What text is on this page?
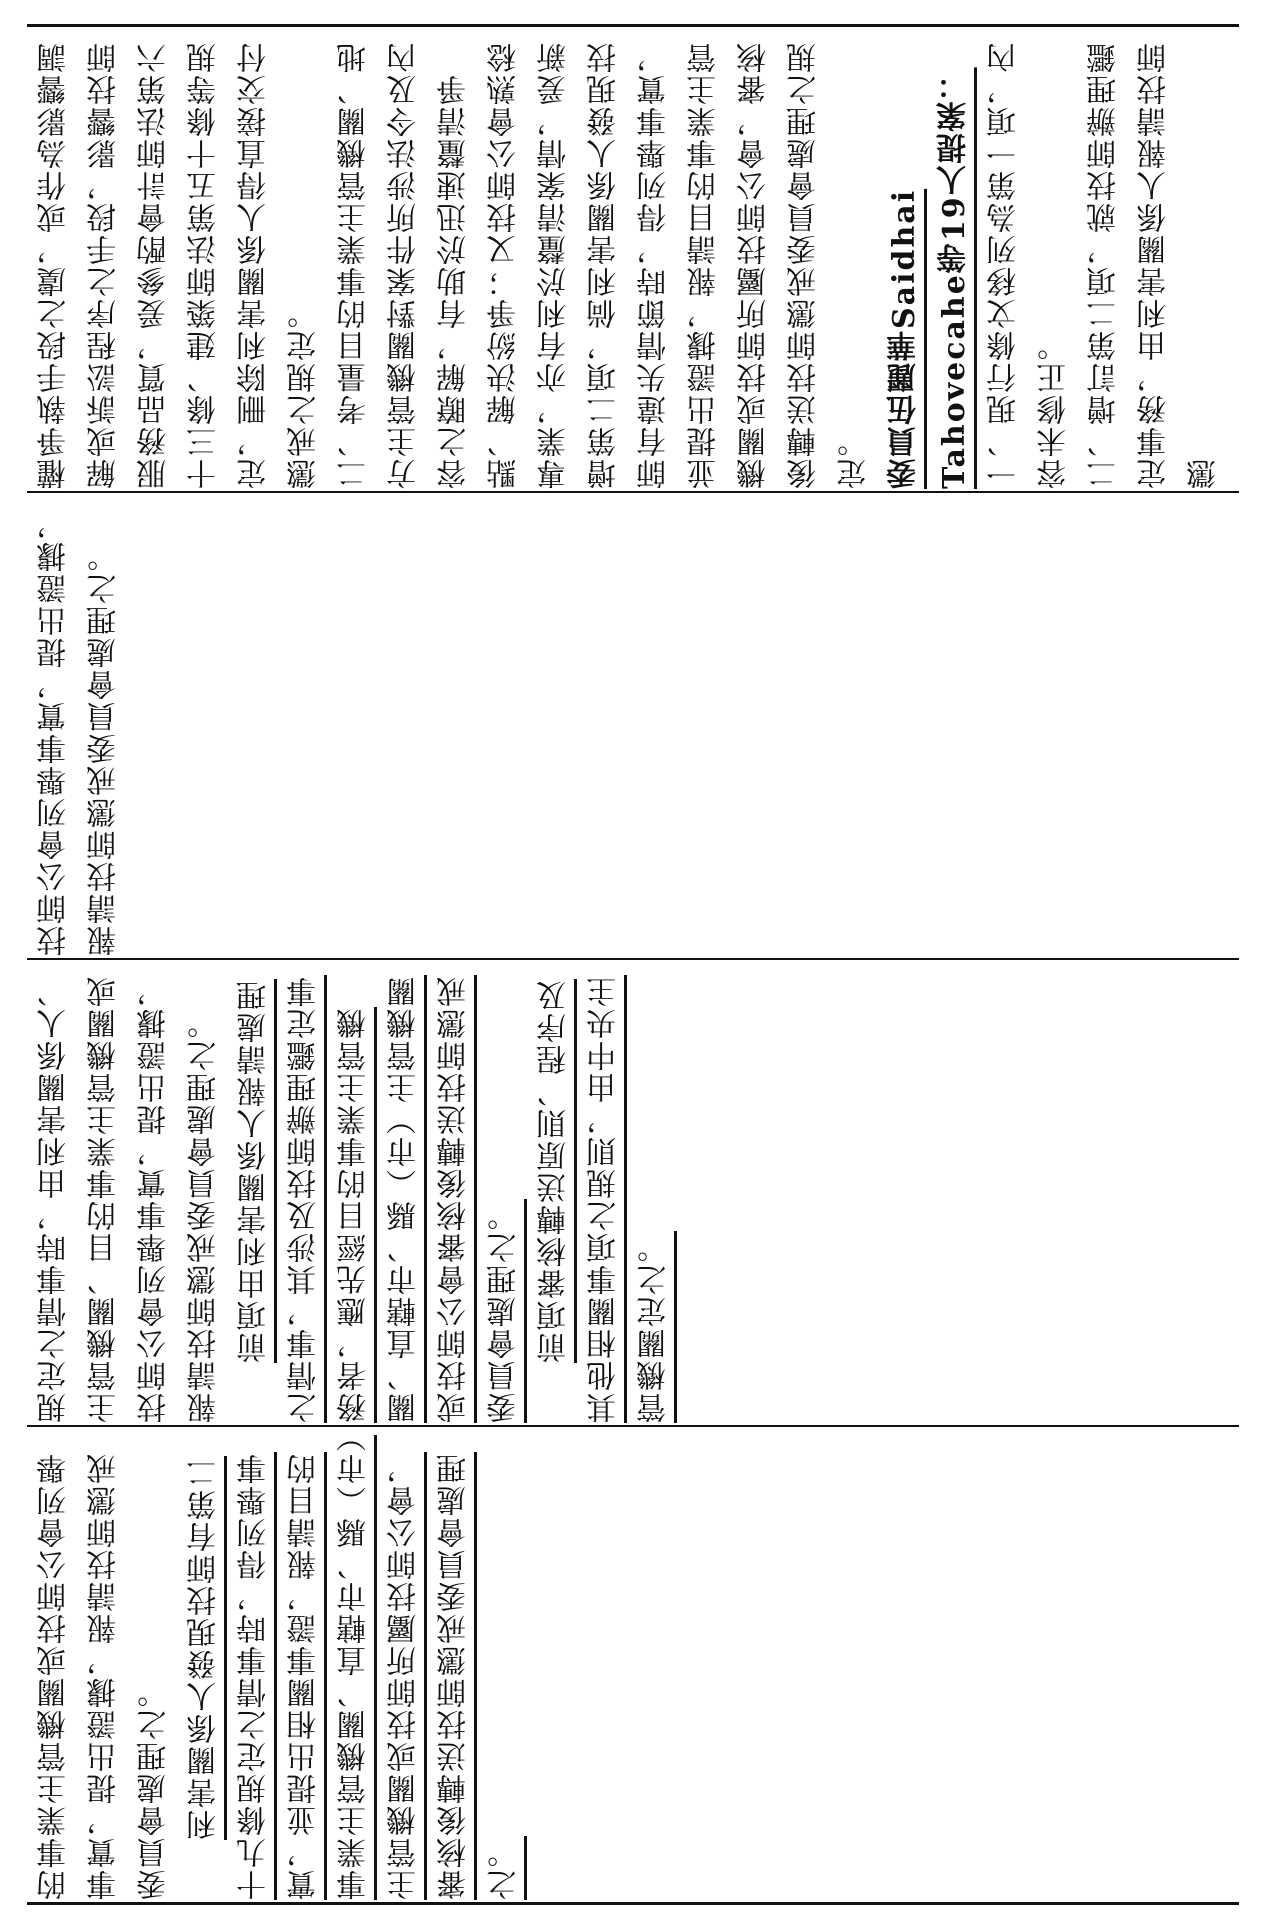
的事業主管機關或技師公會列舉事實，提出證據，報請技師懲戒委員會處理之。 利害關係人發現技師有第二十九條規定之情事時，得列舉事實，並提出相關事證，報請目的事業主管機關、直轄市、縣（市）主管機關或技師所屬技師公會，審核後轉送技師懲戒委員會處理之。
規定之情事時，由利害關係人、主管機關、目的事業主管機關或技師公會列舉事實，提出證據，報請技師懲戒委員會處理之。 前項由利害關係人報請處理之情事，其涉及技師辦理鑑定事務者，應先經目的事業主管機關、直轄市、縣（市）主管機關或技師公會審核後轉送技師懲戒委員會處理之。 前項審核轉送原則、程序及其他相關事項之規則，由中央主管機關定之。
技師公會列舉事實，提出證據，報請技師懲戒委員會處理之。
權爭執手段之虞，或作為影響調解或訴訟程序之手段，影響技師服務品質，爰參酌會計師法第六十三條、建築師法第五十條等規定，刪除利害關係人得直接交付懲戒之規定。 二、考量目的事業主管機關、地方主管機關對案件所涉法令及內容之瞭解，有助於迅速釐清爭點、解決紛爭；又技師公會熟稔專業，亦有利於釐清案情，爰新增第二項，倘利害關係人發現技師有違失情節時，得列舉事實，並提出證據，報請目的事業主管機關或技師所屬技師公會，審核後轉送技師懲戒委員會處理之規定。 委員伍麗華Saidhai Tahovecahe等19人提案： 一、現行條文移列為第一項，內容未修正。 二、增訂第二項，就技師辦理鑑定事務，由利害關係人報請技師懲
